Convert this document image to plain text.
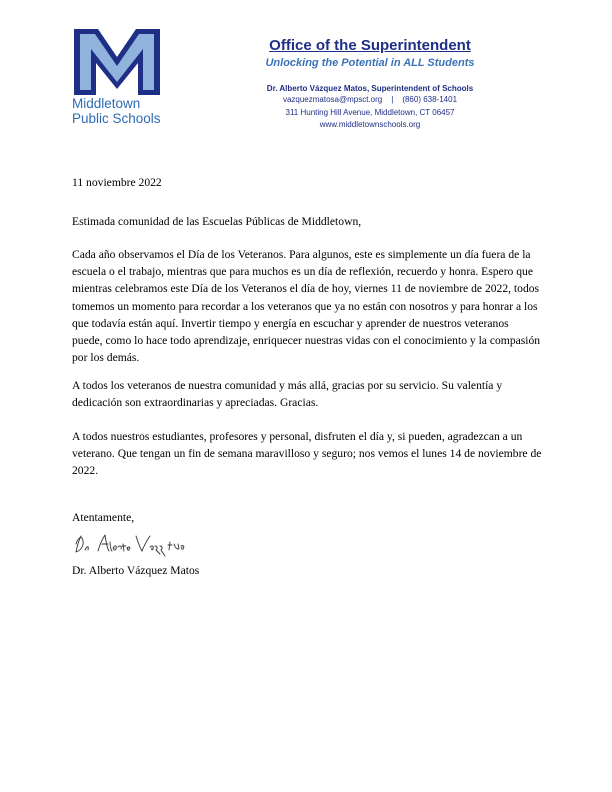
Middletown
Public Schools
Office of the Superintendent
Unlocking the Potential in ALL Students
Dr. Alberto Vázquez Matos, Superintendent of Schools
vazquezmatosa@mpsct.org | (860) 638-1401
311 Hunting Hill Avenue, Middletown, CT 06457
www.middletownschools.org
11 noviembre 2022
Estimada comunidad de las Escuelas Públicas de Middletown,
Cada año observamos el Día de los Veteranos. Para algunos, este es simplemente un día fuera de la escuela o el trabajo, mientras que para muchos es un día de reflexión, recuerdo y honra. Espero que mientras celebramos este Día de los Veteranos el día de hoy, viernes 11 de noviembre de 2022, todos tomemos un momento para recordar a los veteranos que ya no están con nosotros y para honrar a los que todavía están aquí. Invertir tiempo y energía en escuchar y aprender de nuestros veteranos puede, como lo hace todo aprendizaje, enriquecer nuestras vidas con el conocimiento y la compasión por los demás.
A todos los veteranos de nuestra comunidad y más allá, gracias por su servicio. Su valentía y dedicación son extraordinarias y apreciadas. Gracias.
A todos nuestros estudiantes, profesores y personal, disfruten el día y, si pueden, agradezcan a un veterano. Que tengan un fin de semana maravilloso y seguro; nos vemos el lunes 14 de noviembre de 2022.
Atentamente,
Dr. Alberto Vázquez Matos
